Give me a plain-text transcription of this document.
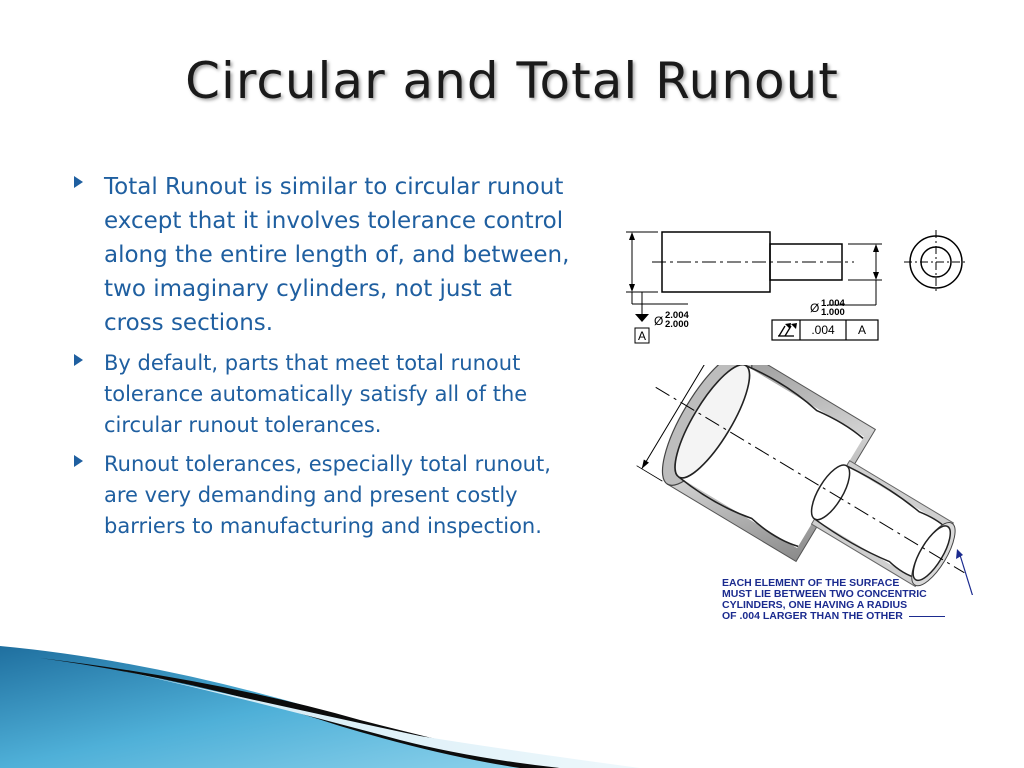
Circular and Total Runout
Total Runout is similar to circular runout except that it involves tolerance control along the entire length of, and between, two imaginary cylinders, not just at cross sections.
By default, parts that meet total runout tolerance automatically satisfy all of the circular runout tolerances.
Runout tolerances, especially total runout, are very demanding and present costly barriers to manufacturing and inspection.
A
Ø 2.004
2.000
Ø 1.004
1.000
.004 A
EACH ELEMENT OF THE SURFACE
MUST LIE BETWEEN TWO CONCENTRIC
CYLINDERS, ONE HAVING A RADIUS
OF .004 LARGER THAN THE OTHER
